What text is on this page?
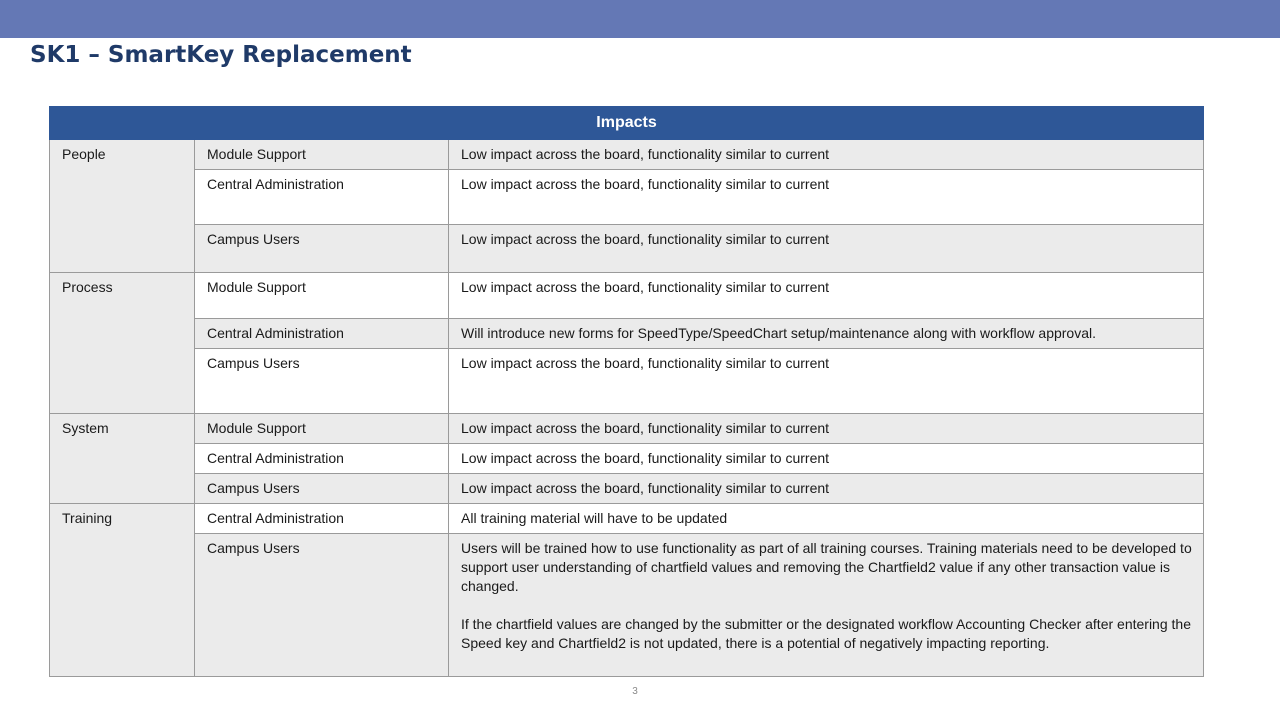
SK1 – SmartKey Replacement
Impacts		
People	Module Support	Low impact across the board, functionality similar to current
	Central Administration	Low impact across the board, functionality similar to current
	Campus Users	Low impact across the board, functionality similar to current
Process	Module Support	Low impact across the board, functionality similar to current
	Central Administration	Will introduce new forms for SpeedType/SpeedChart setup/maintenance along with workflow approval.
	Campus Users	Low impact across the board, functionality similar to current
System	Module Support	Low impact across the board, functionality similar to current
	Central Administration	Low impact across the board, functionality similar to current
	Campus Users	Low impact across the board, functionality similar to current
Training	Central Administration	All training material will have to be updated
	Campus Users	Users will be trained how to use functionality as part of all training courses. Training materials need to be developed to support user understanding of chartfield values and removing the Chartfield2 value if any other transaction value is changed.

If the chartfield values are changed by the submitter or the designated workflow Accounting Checker after entering the Speed key and Chartfield2 is not updated, there is a potential of negatively impacting reporting.
3
